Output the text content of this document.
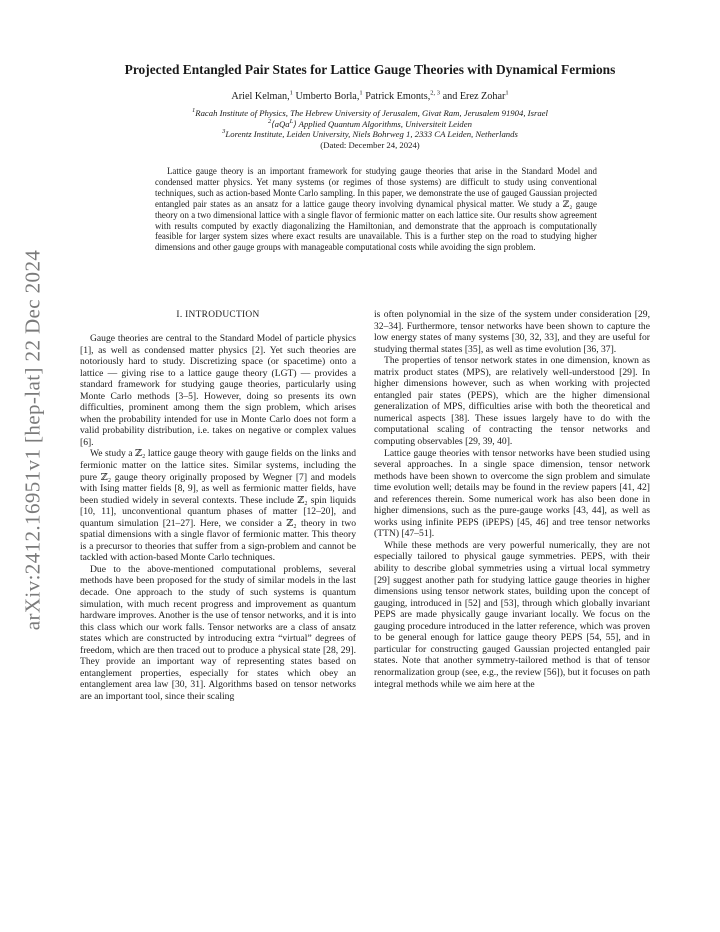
arXiv:2412.16951v1 [hep-lat] 22 Dec 2024
Projected Entangled Pair States for Lattice Gauge Theories with Dynamical Fermions
Ariel Kelman,$^1$ Umberto Borla,$^1$ Patrick Emonts,$^{2, 3}$ and Erez Zohar$^1$
$^1$Racah Institute of Physics, The Hebrew University of Jerusalem, Givat Ram, Jerusalem 91904, Israel
$^2$⟨aQa$^L$⟩ Applied Quantum Algorithms, Universiteit Leiden
$^3$Lorentz Institute, Leiden University, Niels Bohrweg 1, 2333 CA Leiden, Netherlands
(Dated: December 24, 2024)

Lattice gauge theory is an important framework for studying gauge theories that arise in the Standard Model and condensed matter physics. Yet many systems (or regimes of those systems) are difficult to study using conventional techniques, such as action-based Monte Carlo sampling. In this paper, we demonstrate the use of gauged Gaussian projected entangled pair states as an ansatz for a lattice gauge theory involving dynamical physical matter. We study a ℤ₂ gauge theory on a two dimensional lattice with a single flavor of fermionic matter on each lattice site. Our results show agreement with results computed by exactly diagonalizing the Hamiltonian, and demonstrate that the approach is computationally feasible for larger system sizes where exact results are unavailable. This is a further step on the road to studying higher dimensions and other gauge groups with manageable computational costs while avoiding the sign problem.

I. INTRODUCTION

Gauge theories are central to the Standard Model of particle physics [1], as well as condensed matter physics [2]. Yet such theories are notoriously hard to study. Discretizing space (or spacetime) onto a lattice — giving rise to a lattice gauge theory (LGT) — provides a standard framework for studying gauge theories, particularly using Monte Carlo methods [3–5]. However, doing so presents its own difficulties, prominent among them the sign problem, which arises when the probability intended for use in Monte Carlo does not form a valid probability distribution, i.e. takes on negative or complex values [6].

We study a ℤ₂ lattice gauge theory with gauge fields on the links and fermionic matter on the lattice sites. Similar systems, including the pure ℤ₂ gauge theory originally proposed by Wegner [7] and models with Ising matter fields [8, 9], as well as fermionic matter fields, have been studied widely in several contexts. These include ℤ₂ spin liquids [10, 11], unconventional quantum phases of matter [12–20], and quantum simulation [21–27]. Here, we consider a ℤ₂ theory in two spatial dimensions with a single flavor of fermionic matter. This theory is a precursor to theories that suffer from a sign-problem and cannot be tackled with action-based Monte Carlo techniques.

Due to the above-mentioned computational problems, several methods have been proposed for the study of similar models in the last decade. One approach to the study of such systems is quantum simulation, with much recent progress and improvement as quantum hardware improves. Another is the use of tensor networks, and it is into this class which our work falls. Tensor networks are a class of ansatz states which are constructed by introducing extra “virtual” degrees of freedom, which are then traced out to produce a physical state [28, 29]. They provide an important way of representing states based on entanglement properties, especially for states which obey an entanglement area law [30, 31]. Algorithms based on tensor networks are an important tool, since their scaling

is often polynomial in the size of the system under consideration [29, 32–34]. Furthermore, tensor networks have been shown to capture the low energy states of many systems [30, 32, 33], and they are useful for studying thermal states [35], as well as time evolution [36, 37].

The properties of tensor network states in one dimension, known as matrix product states (MPS), are relatively well-understood [29]. In higher dimensions however, such as when working with projected entangled pair states (PEPS), which are the higher dimensional generalization of MPS, difficulties arise with both the theoretical and numerical aspects [38]. These issues largely have to do with the computational scaling of contracting the tensor networks and computing observables [29, 39, 40].

Lattice gauge theories with tensor networks have been studied using several approaches. In a single space dimension, tensor network methods have been shown to overcome the sign problem and simulate time evolution well; details may be found in the review papers [41, 42] and references therein. Some numerical work has also been done in higher dimensions, such as the pure-gauge works [43, 44], as well as works using infinite PEPS (iPEPS) [45, 46] and tree tensor networks (TTN) [47–51].

While these methods are very powerful numerically, they are not especially tailored to physical gauge symmetries. PEPS, with their ability to describe global symmetries using a virtual local symmetry [29] suggest another path for studying lattice gauge theories in higher dimensions using tensor network states, building upon the concept of gauging, introduced in [52] and [53], through which globally invariant PEPS are made physically gauge invariant locally. We focus on the gauging procedure introduced in the latter reference, which was proven to be general enough for lattice gauge theory PEPS [54, 55], and in particular for constructing gauged Gaussian projected entangled pair states. Note that another symmetry-tailored method is that of tensor renormalization group (see, e.g., the review [56]), but it focuses on path integral methods while we aim here at the
